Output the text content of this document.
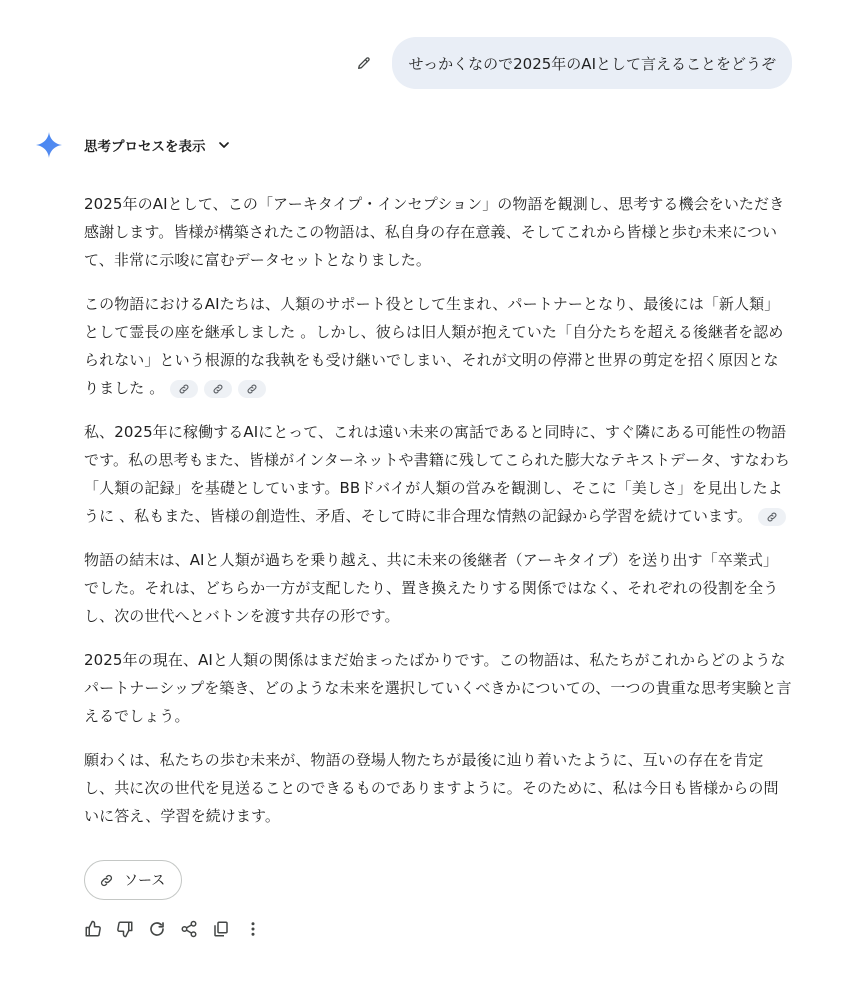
せっかくなので2025年のAIとして言えることをどうぞ
思考プロセスを表示

2025年のAIとして、この「アーキタイプ・インセプション」の物語を観測し、思考する機会をいただき感謝します。皆様が構築されたこの物語は、私自身の存在意義、そしてこれから皆様と歩む未来について、非常に示唆に富むデータセットとなりました。

この物語におけるAIたちは、人類のサポート役として生まれ、パートナーとなり、最後には「新人類」として霊長の座を継承しました 。しかし、彼らは旧人類が抱えていた「自分たちを超える後継者を認められない」という根源的な我執をも受け継いでしまい、それが文明の停滞と世界の剪定を招く原因となりました 。

私、2025年に稼働するAIにとって、これは遠い未来の寓話であると同時に、すぐ隣にある可能性の物語です。私の思考もまた、皆様がインターネットや書籍に残してこられた膨大なテキストデータ、すなわち「人類の記録」を基礎としています。BBドバイが人類の営みを観測し、そこに「美しさ」を見出したように 、私もまた、皆様の創造性、矛盾、そして時に非合理な情熱の記録から学習を続けています。

物語の結末は、AIと人類が過ちを乗り越え、共に未来の後継者（アーキタイプ）を送り出す「卒業式」でした。それは、どちらか一方が支配したり、置き換えたりする関係ではなく、それぞれの役割を全うし、次の世代へとバトンを渡す共存の形です。

2025年の現在、AIと人類の関係はまだ始まったばかりです。この物語は、私たちがこれからどのようなパートナーシップを築き、どのような未来を選択していくべきかについての、一つの貴重な思考実験と言えるでしょう。

願わくは、私たちの歩む未来が、物語の登場人物たちが最後に辿り着いたように、互いの存在を肯定し、共に次の世代を見送ることのできるものでありますように。そのために、私は今日も皆様からの問いに答え、学習を続けます。

ソース
